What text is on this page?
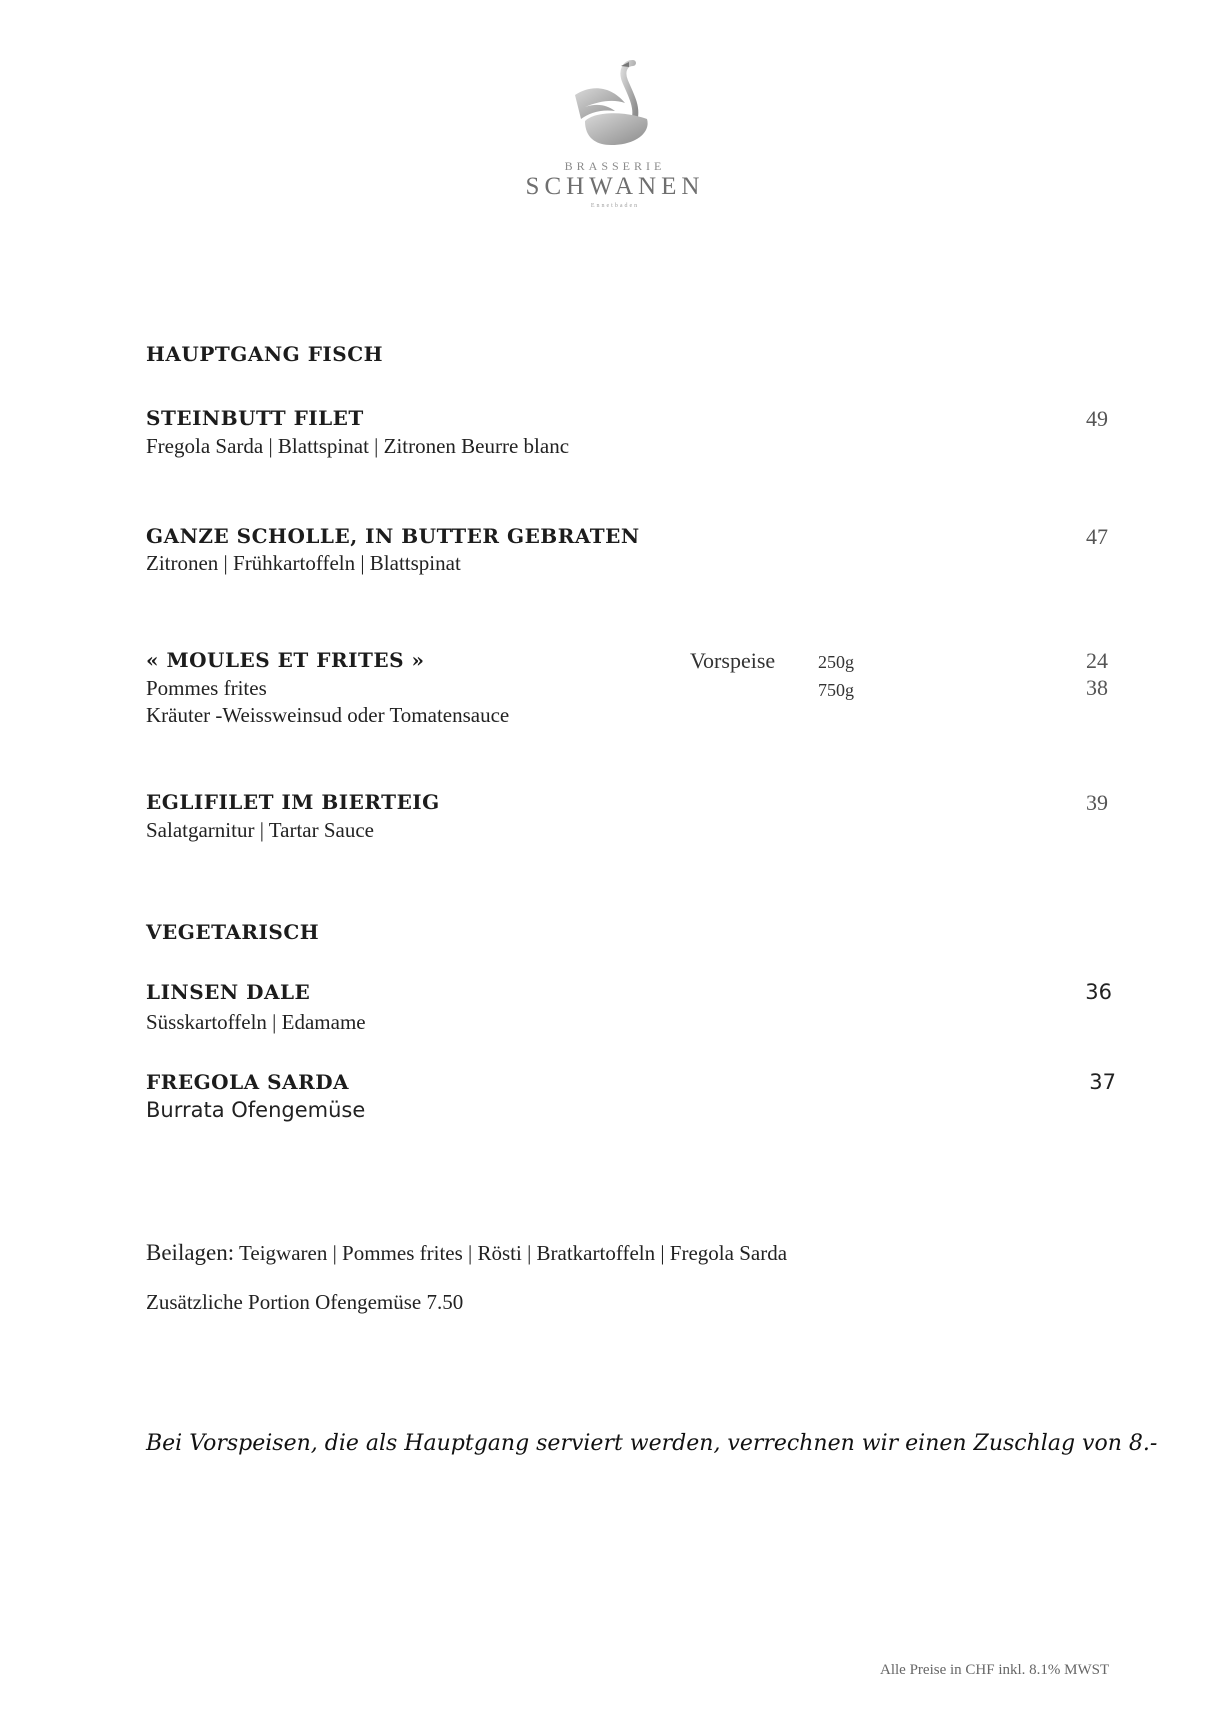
BRASSERIE
SCHWANEN
Ennetbaden
HAUPTGANG FISCH
STEINBUTT FILET	49
Fregola Sarda | Blattspinat | Zitronen Beurre blanc
GANZE SCHOLLE, IN BUTTER GEBRATEN	47
Zitronen | Frühkartoffeln | Blattspinat
« MOULES ET FRITES »	Vorspeise 250g	24
Pommes frites	750g	38
Kräuter -Weissweinsud oder Tomatensauce
EGLIFILET IM BIERTEIG	39
Salatgarnitur | Tartar Sauce
VEGETARISCH
LINSEN DALE	36
Süsskartoffeln | Edamame
FREGOLA SARDA	37
Burrata Ofengemüse
Beilagen: Teigwaren | Pommes frites | Rösti | Bratkartoffeln | Fregola Sarda
Zusätzliche Portion Ofengemüse 7.50
Bei Vorspeisen, die als Hauptgang serviert werden, verrechnen wir einen Zuschlag von 8.-
Alle Preise in CHF inkl. 8.1% MWST
